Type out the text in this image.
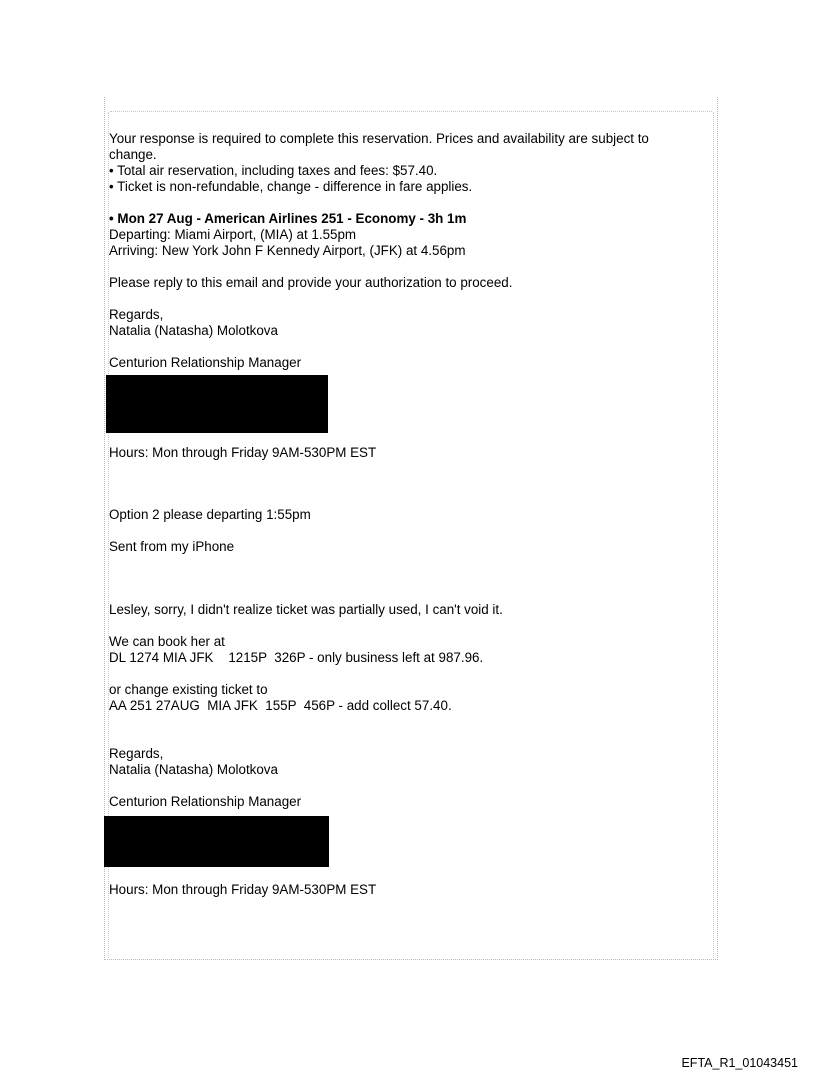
Your response is required to complete this reservation. Prices and availability are subject to

change.

• Total air reservation, including taxes and fees: $57.40.

• Ticket is non-refundable, change - difference in fare applies.

• Mon 27 Aug - American Airlines 251 - Economy - 3h 1m

Departing: Miami Airport, (MIA) at 1.55pm

Arriving: New York John F Kennedy Airport, (JFK) at 4.56pm

Please reply to this email and provide your authorization to proceed.

Regards,

Natalia (Natasha) Molotkova

Centurion Relationship Manager

Hours: Mon through Friday 9AM-530PM EST

Option 2 please departing 1:55pm

Sent from my iPhone

Lesley, sorry, I didn't realize ticket was partially used, I can't void it.

We can book her at

DL 1274 MIA JFK    1215P  326P - only business left at 987.96.

or change existing ticket to

AA 251 27AUG  MIA JFK  155P  456P - add collect 57.40.

Regards,

Natalia (Natasha) Molotkova

Centurion Relationship Manager

Hours: Mon through Friday 9AM-530PM EST

EFTA_R1_01043451
